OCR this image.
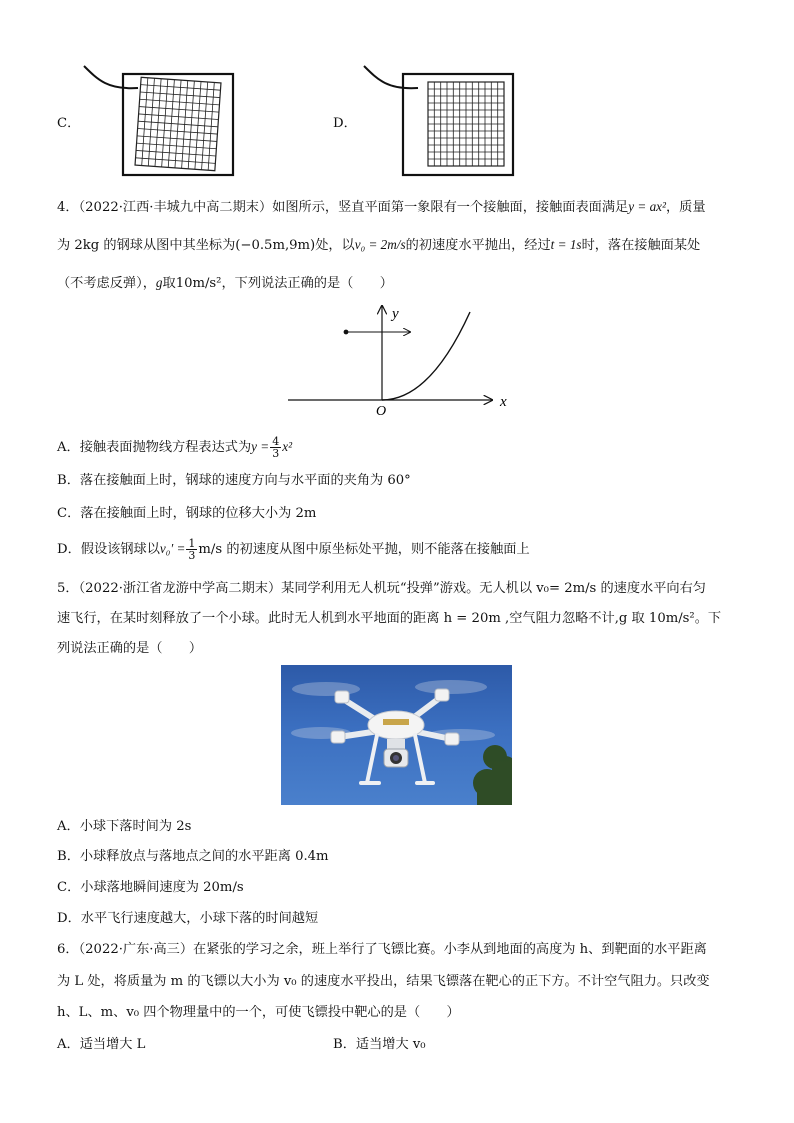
C．	D．
4．（2022·江西·丰城九中高二期末）如图所示，竖直平面第一象限有一个接触面，接触面表面满足y = ax²，质量
为 2kg 的钢球从图中其坐标为(−0.5m,9m)处，以v₀ = 2m/s的初速度水平抛出，经过t = 1s时，落在接触面某处
（不考虑反弹），g取10m/s²，下列说法正确的是（　　）
y
x
O
A．接触表面抛物线方程表达式为$y = \frac{4}{3} x^2$
B．落在接触面上时，钢球的速度方向与水平面的夹角为 60°
C．落在接触面上时，钢球的位移大小为 2m
D．假设该钢球以$v_0' = \frac{1}{3} m/s$ 的初速度从图中原坐标处平抛，则不能落在接触面上
5．（2022·浙江省龙游中学高二期末）某同学利用无人机玩“投弹”游戏。无人机以 v₀= 2m/s 的速度水平向右匀
速飞行，在某时刻释放了一个小球。此时无人机到水平地面的距离 h = 20m ,空气阻力忽略不计,g 取 10m/s²。下
列说法正确的是（　　）
A．小球下落时间为 2s
B．小球释放点与落地点之间的水平距离 0.4m
C．小球落地瞬间速度为 20m/s
D．水平飞行速度越大，小球下落的时间越短
6．（2022·广东·高三）在紧张的学习之余，班上举行了飞镖比赛。小李从到地面的高度为 h、到靶面的水平距离
为 L 处，将质量为 m 的飞镖以大小为 v₀ 的速度水平投出，结果飞镖落在靶心的正下方。不计空气阻力。只改变
h、L、m、v₀ 四个物理量中的一个，可使飞镖投中靶心的是（　　）
A．适当增大 L	B．适当增大 v₀
